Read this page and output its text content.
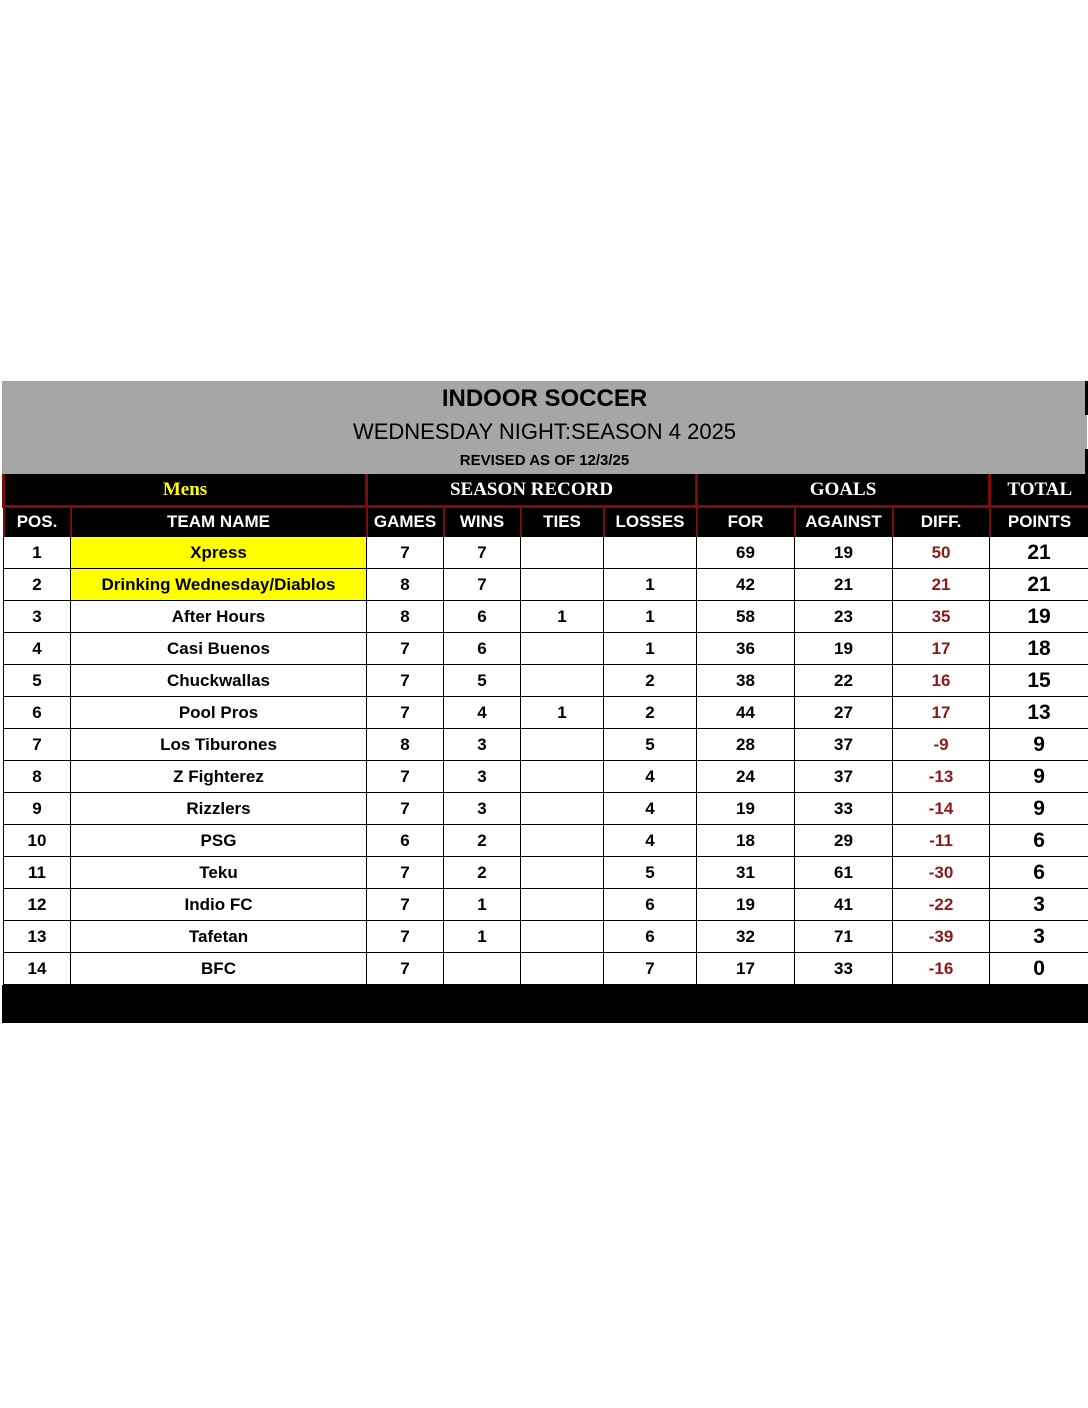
INDOOR SOCCER
WEDNESDAY NIGHT:SEASON 4 2025
REVISED AS OF 12/3/25
Mens		SEASON RECORD				GOALS			TOTAL
POS.	TEAM NAME	GAMES	WINS	TIES	LOSSES	FOR	AGAINST	DIFF.	POINTS
1	Xpress	7	7			69	19	50	21
2	Drinking Wednesday/Diablos	8	7		1	42	21	21	21
3	After Hours	8	6	1	1	58	23	35	19
4	Casi Buenos	7	6		1	36	19	17	18
5	Chuckwallas	7	5		2	38	22	16	15
6	Pool Pros	7	4	1	2	44	27	17	13
7	Los Tiburones	8	3		5	28	37	-9	9
8	Z Fighterez	7	3		4	24	37	-13	9
9	Rizzlers	7	3		4	19	33	-14	9
10	PSG	6	2		4	18	29	-11	6
11	Teku	7	2		5	31	61	-30	6
12	Indio FC	7	1		6	19	41	-22	3
13	Tafetan	7	1		6	32	71	-39	3
14	BFC	7			7	17	33	-16	0
